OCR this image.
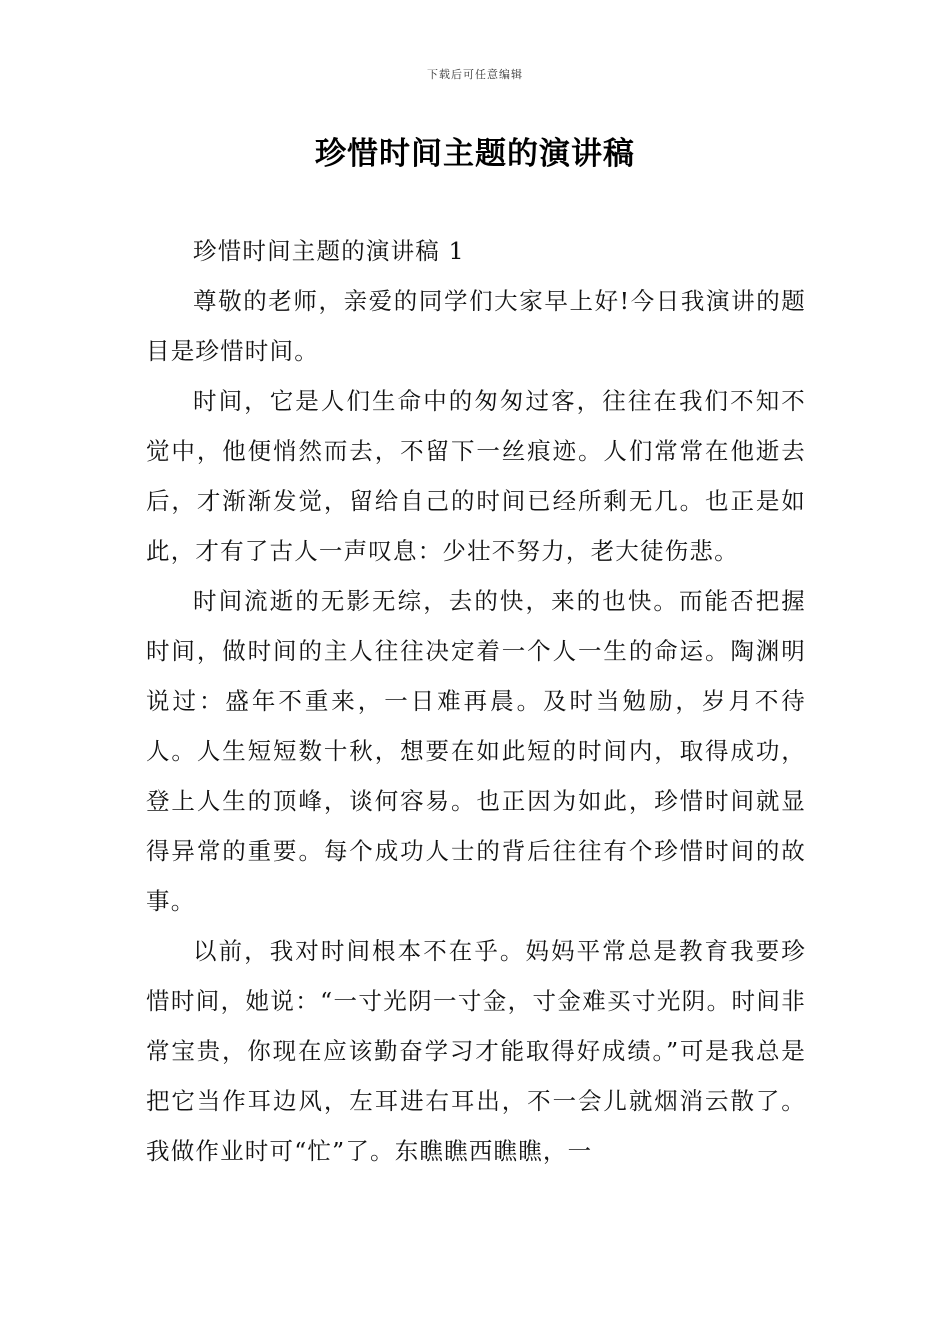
下载后可任意编辑
珍惜时间主题的演讲稿

珍惜时间主题的演讲稿 1

尊敬的老师，亲爱的同学们大家早上好!今日我演讲的题目是珍惜时间。

时间，它是人们生命中的匆匆过客，往往在我们不知不觉中，他便悄然而去，不留下一丝痕迹。人们常常在他逝去后，才渐渐发觉，留给自己的时间已经所剩无几。也正是如此，才有了古人一声叹息：少壮不努力，老大徒伤悲。

时间流逝的无影无综，去的快，来的也快。而能否把握时间，做时间的主人往往决定着一个人一生的命运。陶渊明说过：盛年不重来，一日难再晨。及时当勉励，岁月不待人。人生短短数十秋，想要在如此短的时间内，取得成功，登上人生的顶峰，谈何容易。也正因为如此，珍惜时间就显得异常的重要。每个成功人士的背后往往有个珍惜时间的故事。

以前，我对时间根本不在乎。妈妈平常总是教育我要珍惜时间，她说：“一寸光阴一寸金，寸金难买寸光阴。时间非常宝贵，你现在应该勤奋学习才能取得好成绩。”可是我总是把它当作耳边风，左耳进右耳出，不一会儿就烟消云散了。我做作业时可“忙”了。东瞧瞧西瞧瞧，一
